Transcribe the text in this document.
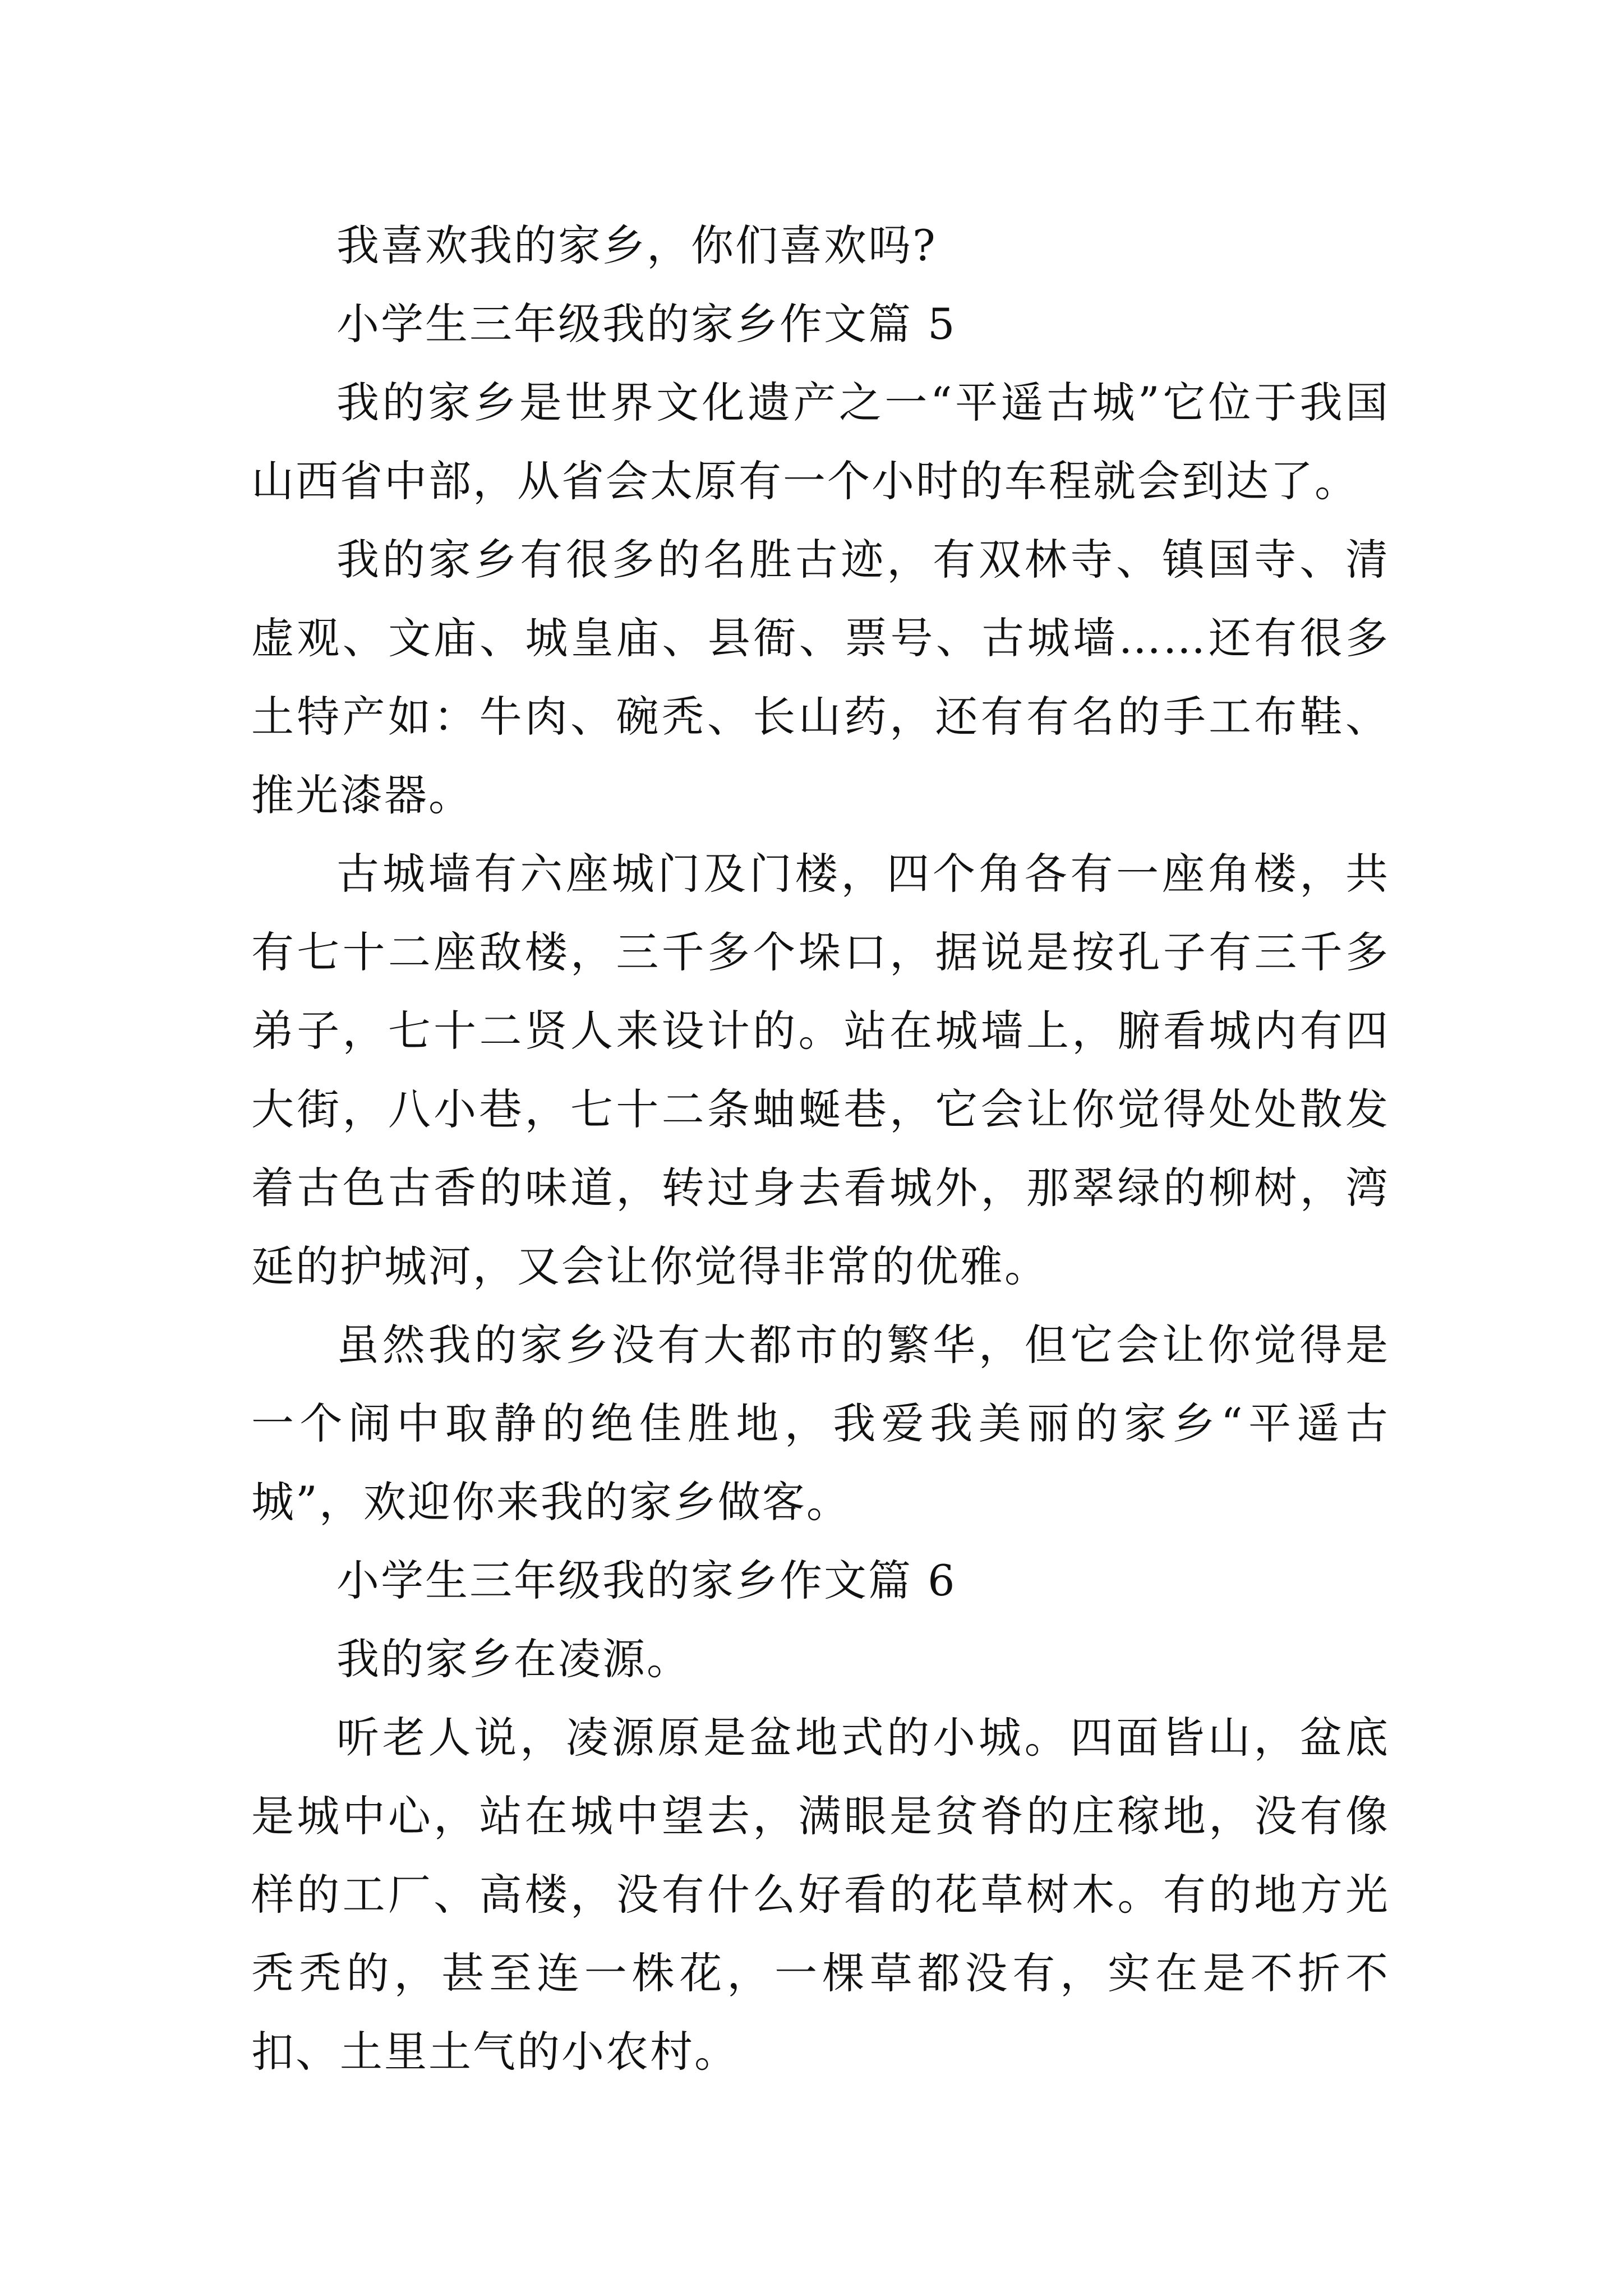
我喜欢我的家乡，你们喜欢吗?

小学生三年级我的家乡作文篇 5

我的家乡是世界文化遗产之一“平遥古城”它位于我国山西省中部，从省会太原有一个小时的车程就会到达了。

我的家乡有很多的名胜古迹，有双林寺、镇国寺、清虚观、文庙、城皇庙、县衙、票号、古城墙……还有很多土特产如：牛肉、碗秃、长山药，还有有名的手工布鞋、推光漆器。

古城墙有六座城门及门楼，四个角各有一座角楼，共有七十二座敌楼，三千多个垛口，据说是按孔子有三千多弟子，七十二贤人来设计的。站在城墙上，腑看城内有四大街，八小巷，七十二条蚰蜒巷，它会让你觉得处处散发着古色古香的味道，转过身去看城外，那翠绿的柳树，湾延的护城河，又会让你觉得非常的优雅。

虽然我的家乡没有大都市的繁华，但它会让你觉得是一个闹中取静的绝佳胜地，我爱我美丽的家乡“平遥古城”，欢迎你来我的家乡做客。

小学生三年级我的家乡作文篇 6

我的家乡在凌源。

听老人说，凌源原是盆地式的小城。四面皆山，盆底是城中心，站在城中望去，满眼是贫脊的庄稼地，没有像样的工厂、高楼，没有什么好看的花草树木。有的地方光秃秃的，甚至连一株花，一棵草都没有，实在是不折不扣、土里土气的小农村。
